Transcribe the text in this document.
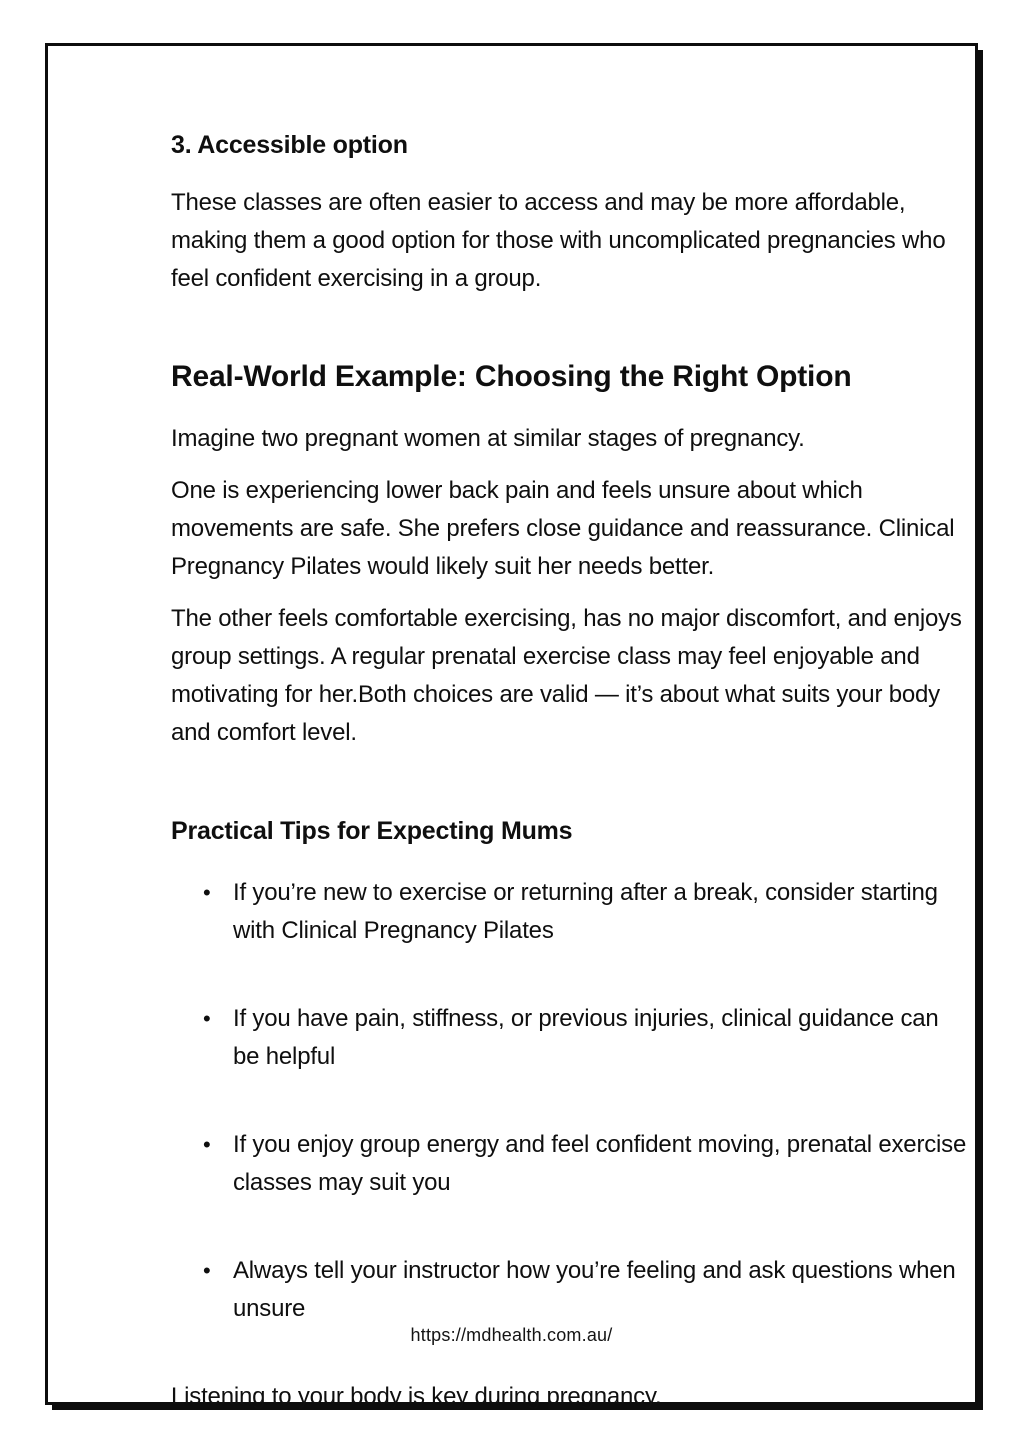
3. Accessible option

These classes are often easier to access and may be more affordable, making them a good option for those with uncomplicated pregnancies who feel confident exercising in a group.

Real-World Example: Choosing the Right Option

Imagine two pregnant women at similar stages of pregnancy.

One is experiencing lower back pain and feels unsure about which movements are safe. She prefers close guidance and reassurance. Clinical Pregnancy Pilates would likely suit her needs better.

The other feels comfortable exercising, has no major discomfort, and enjoys group settings. A regular prenatal exercise class may feel enjoyable and motivating for her.Both choices are valid — it’s about what suits your body and comfort level.

Practical Tips for Expecting Mums
• If you’re new to exercise or returning after a break, consider starting with Clinical Pregnancy Pilates
• If you have pain, stiffness, or previous injuries, clinical guidance can be helpful
• If you enjoy group energy and feel confident moving, prenatal exercise classes may suit you
• Always tell your instructor how you’re feeling and ask questions when unsure

Listening to your body is key during pregnancy.

https://mdhealth.com.au/
